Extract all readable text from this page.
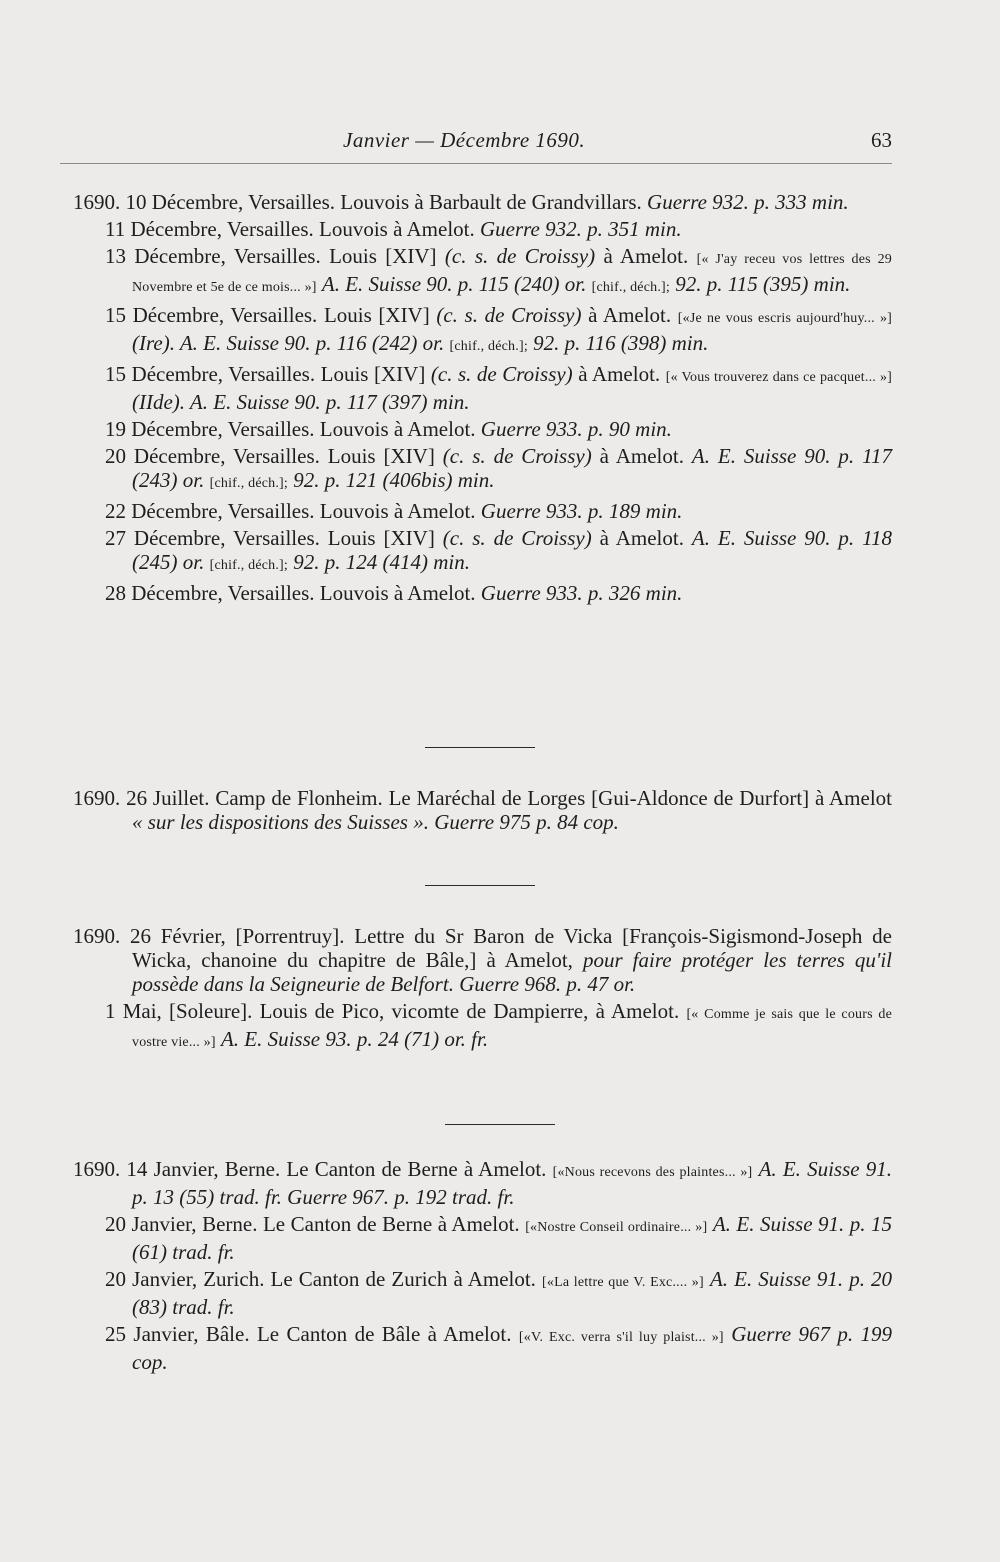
Janvier — Décembre 1690.	63

1690. 10 Décembre, Versailles. Louvois à Barbault de Grandvillars. Guerre 932. p. 333 min.

11 Décembre, Versailles. Louvois à Amelot. Guerre 932. p. 351 min.

13 Décembre, Versailles. Louis [XIV] (c. s. de Croissy) à Amelot. [« J'ay receu vos lettres des 29 Novembre et 5e de ce mois... »] A. E. Suisse 90. p. 115 (240) or. [chif., déch.]; 92. p. 115 (395) min.

15 Décembre, Versailles. Louis [XIV] (c. s. de Croissy) à Amelot. [«Je ne vous escris aujourd'huy... »] (Ire). A. E. Suisse 90. p. 116 (242) or. [chif., déch.]; 92. p. 116 (398) min.

15 Décembre, Versailles. Louis [XIV] (c. s. de Croissy) à Amelot. [« Vous trouverez dans ce pacquet... »] (IIde). A. E. Suisse 90. p. 117 (397) min.

19 Décembre, Versailles. Louvois à Amelot. Guerre 933. p. 90 min.

20 Décembre, Versailles. Louis [XIV] (c. s. de Croissy) à Amelot. A. E. Suisse 90. p. 117 (243) or. [chif., déch.]; 92. p. 121 (406bis) min.

22 Décembre, Versailles. Louvois à Amelot. Guerre 933. p. 189 min.

27 Décembre, Versailles. Louis [XIV] (c. s. de Croissy) à Amelot. A. E. Suisse 90. p. 118 (245) or. [chif., déch.]; 92. p. 124 (414) min.

28 Décembre, Versailles. Louvois à Amelot. Guerre 933. p. 326 min.

1690. 26 Juillet. Camp de Flonheim. Le Maréchal de Lorges [Gui-Aldonce de Durfort] à Amelot « sur les dispositions des Suisses ». Guerre 975 p. 84 cop.

1690. 26 Février, [Porrentruy]. Lettre du Sr Baron de Vicka [François-Sigismond-Joseph de Wicka, chanoine du chapitre de Bâle,] à Amelot, pour faire protéger les terres qu'il possède dans la Seigneurie de Belfort. Guerre 968. p. 47 or.

1 Mai, [Soleure]. Louis de Pico, vicomte de Dampierre, à Amelot. [« Comme je sais que le cours de vostre vie... »] A. E. Suisse 93. p. 24 (71) or. fr.

1690. 14 Janvier, Berne. Le Canton de Berne à Amelot. [«Nous recevons des plaintes... »] A. E. Suisse 91. p. 13 (55) trad. fr. Guerre 967. p. 192 trad. fr.

20 Janvier, Berne. Le Canton de Berne à Amelot. [«Nostre Conseil ordinaire... »] A. E. Suisse 91. p. 15 (61) trad. fr.

20 Janvier, Zurich. Le Canton de Zurich à Amelot. [«La lettre que V. Exc.... »] A. E. Suisse 91. p. 20 (83) trad. fr.

25 Janvier, Bâle. Le Canton de Bâle à Amelot. [«V. Exc. verra s'il luy plaist... »] Guerre 967 p. 199 cop.
